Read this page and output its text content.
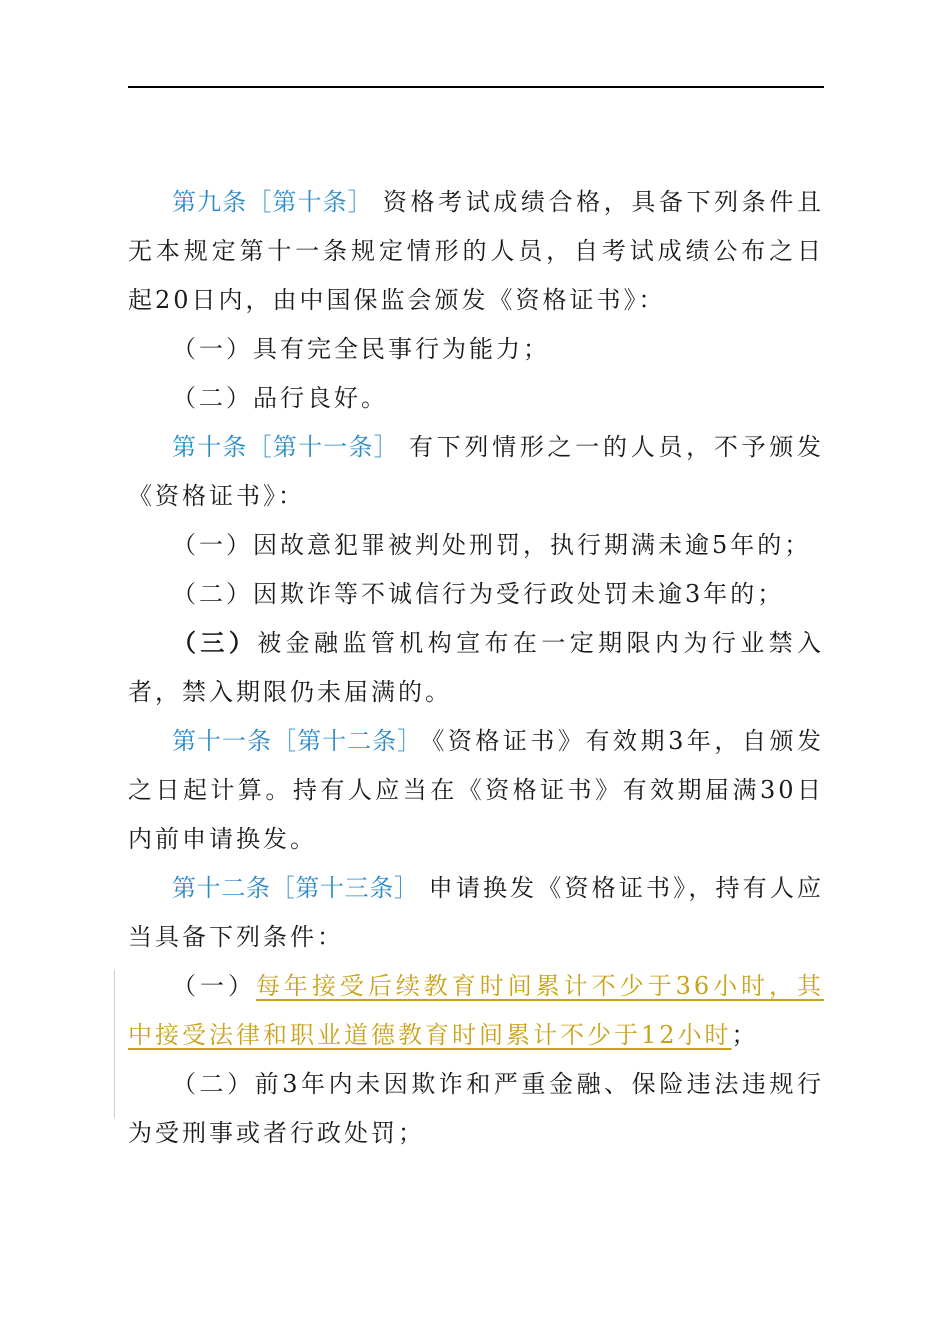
第九条［第十条］ 资格考试成绩合格，具备下列条件且无本规定第十一条规定情形的人员，自考试成绩公布之日起20日内，由中国保监会颁发《资格证书》：

（一）具有完全民事行为能力；

（二）品行良好。

第十条［第十一条］ 有下列情形之一的人员，不予颁发《资格证书》：

（一）因故意犯罪被判处刑罚，执行期满未逾5年的；

（二）因欺诈等不诚信行为受行政处罚未逾3年的；

（三）被金融监管机构宣布在一定期限内为行业禁入者，禁入期限仍未届满的。

第十一条［第十二条］ 《资格证书》有效期3年，自颁发之日起计算。持有人应当在《资格证书》有效期届满30日内前申请换发。

第十二条［第十三条］ 申请换发《资格证书》，持有人应当具备下列条件：

（一）每年接受后续教育时间累计不少于36小时，其中接受法律和职业道德教育时间累计不少于12小时；

（二）前3年内未因欺诈和严重金融、保险违法违规行为受刑事或者行政处罚；
